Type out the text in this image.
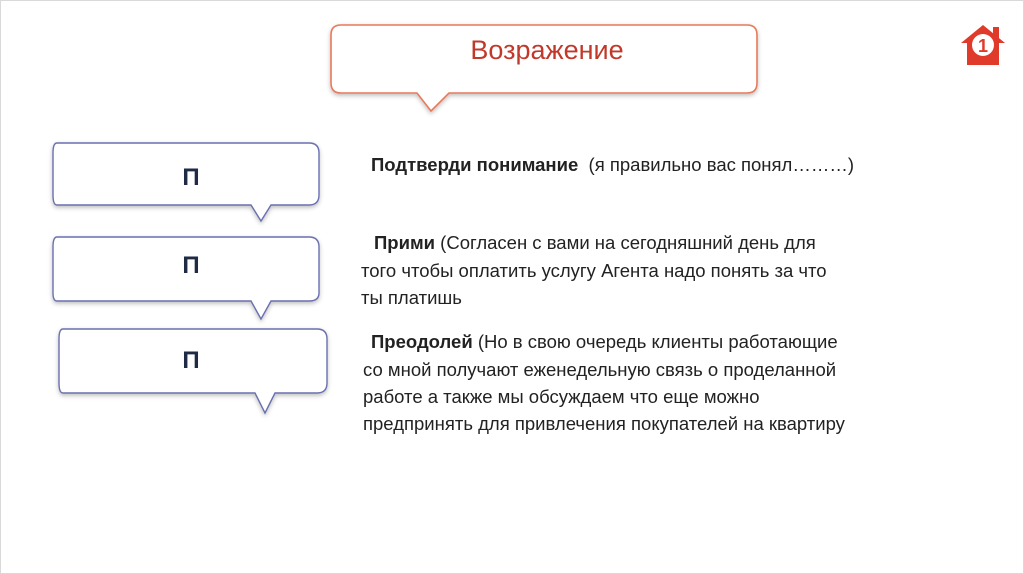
Возражение
П
П
П
Подтверди понимание  (я правильно вас понял………)
Прими (Согласен с вами на сегодняшний день для
того чтобы оплатить услугу Агента надо понять за что
ты платишь
Преодолей (Но в свою очередь клиенты работающие
со мной получают еженедельную связь о проделанной
работе а также мы обсуждаем что еще можно
предпринять для привлечения покупателей на квартиру
1
